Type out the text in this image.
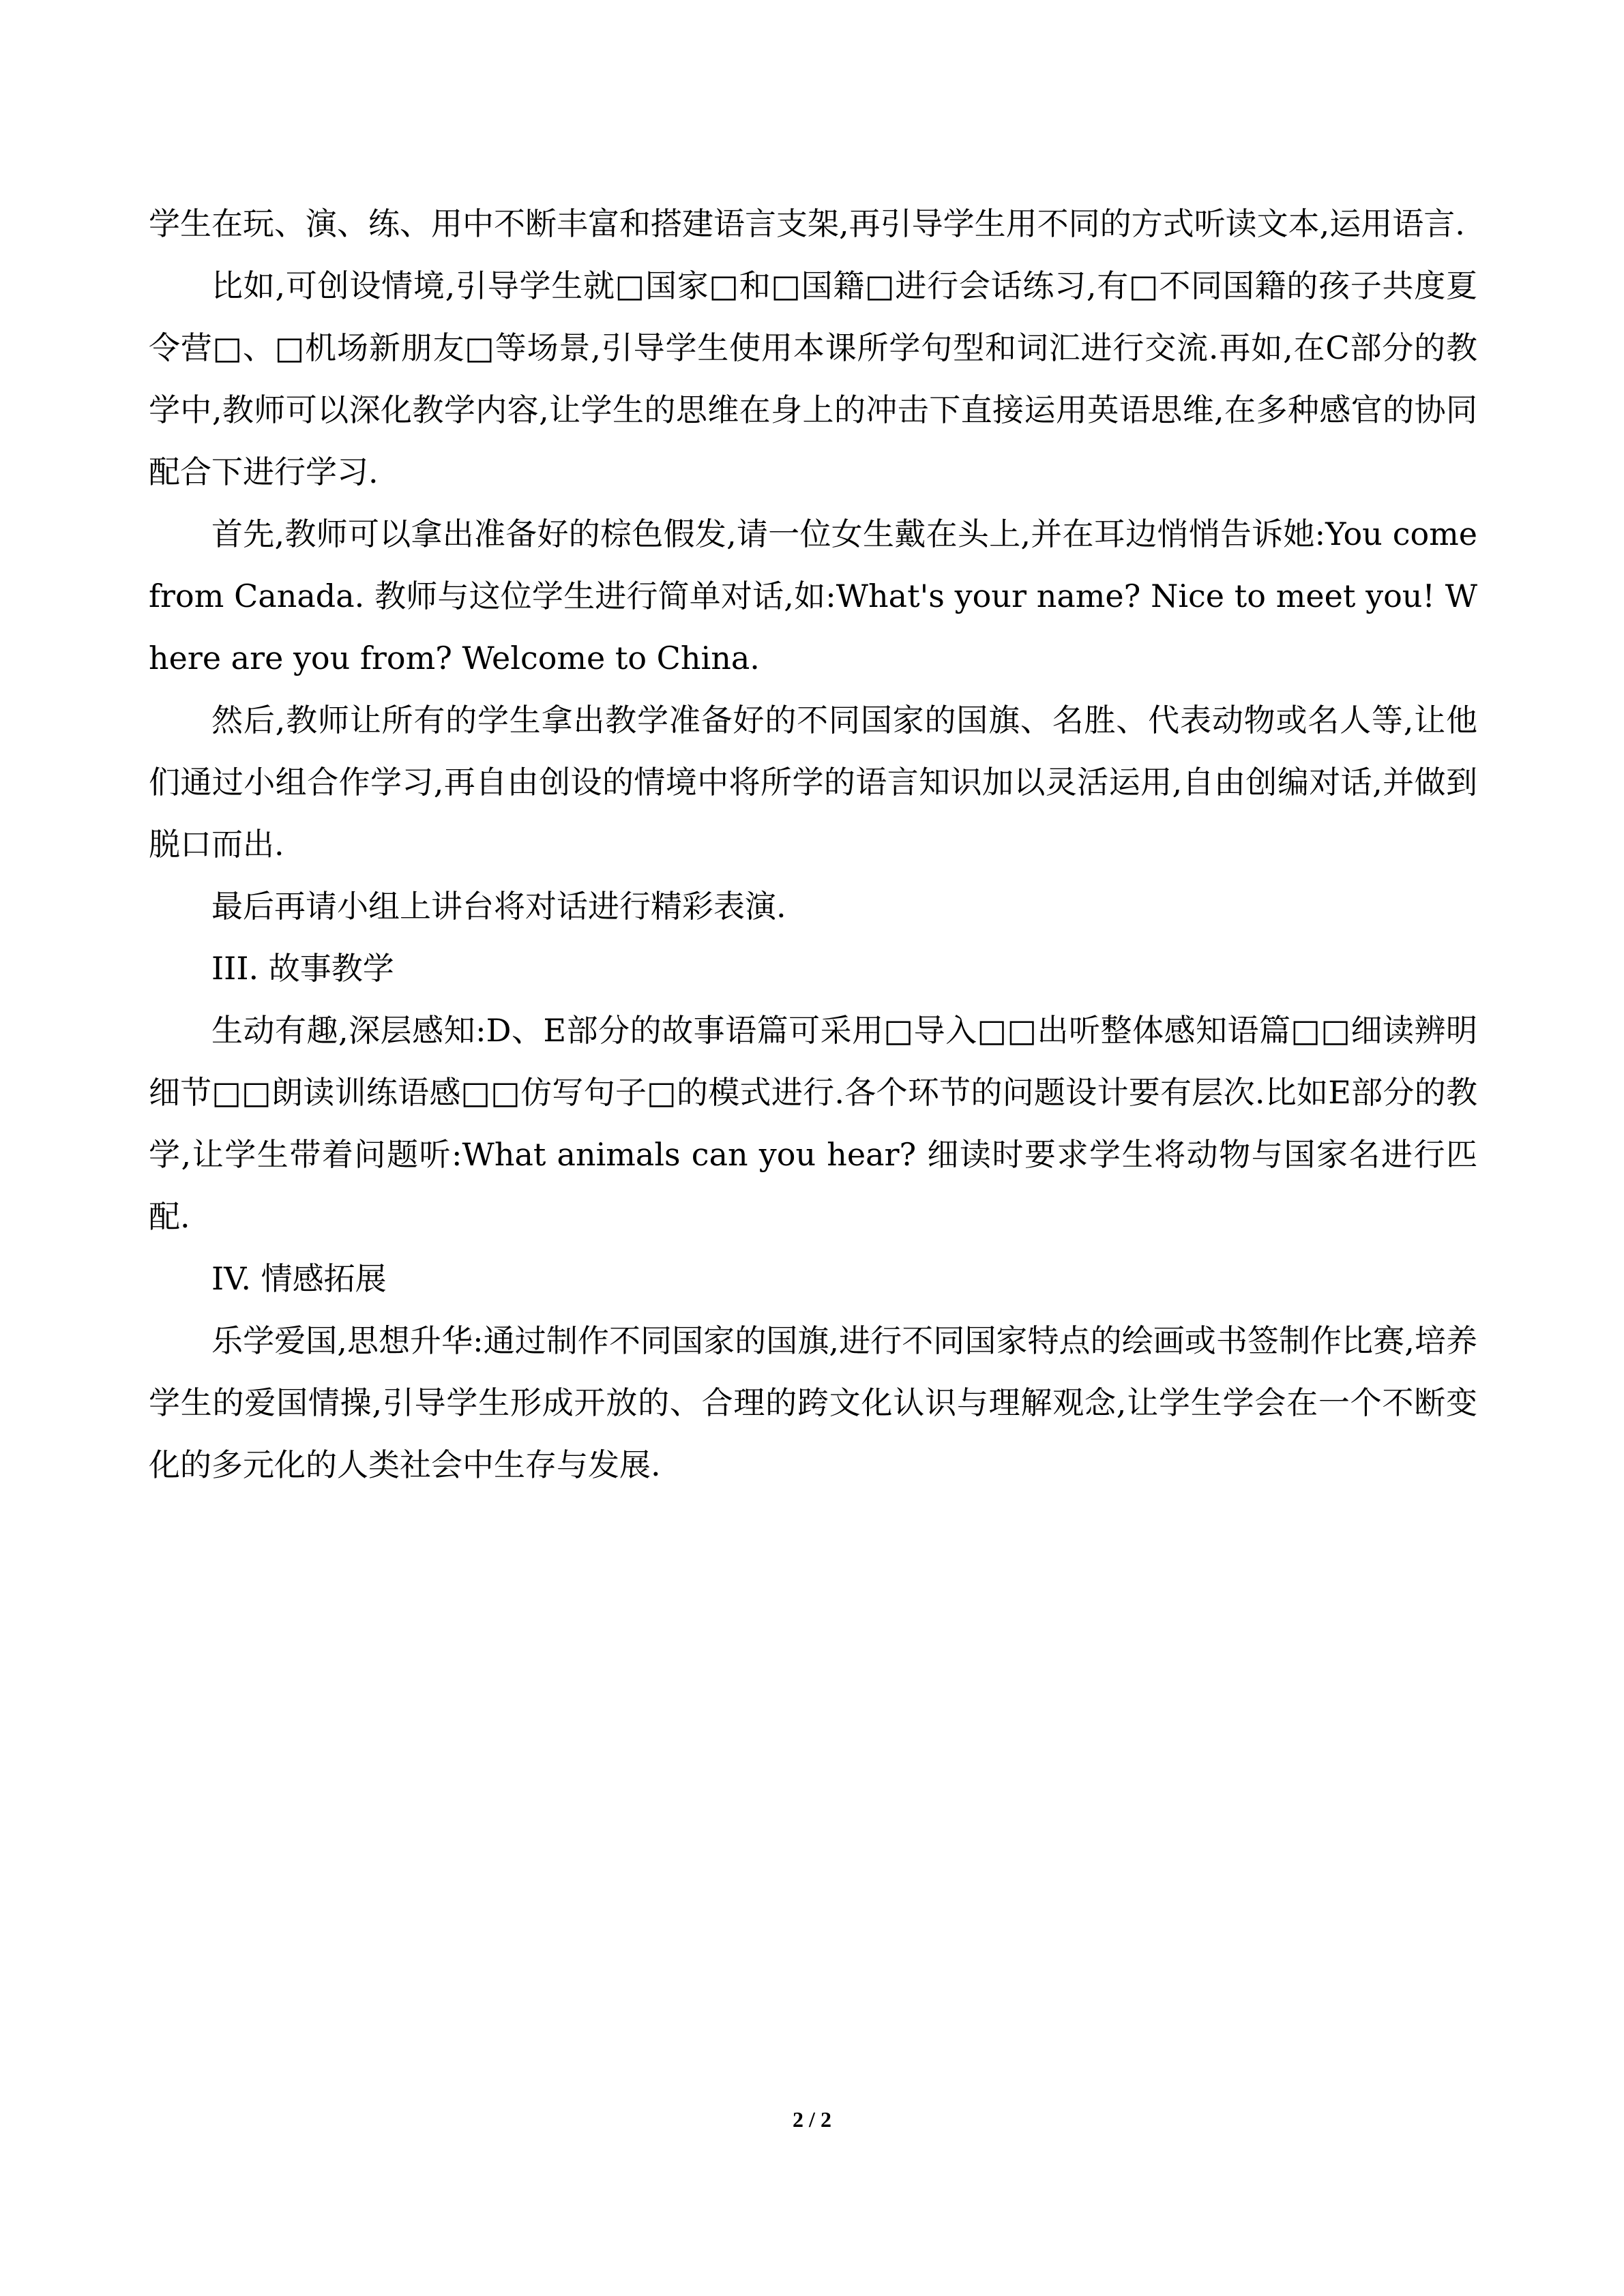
学生在玩、演、练、用中不断丰富和搭建语言支架,再引导学生用不同的方式听读文本,运用语言.

比如,可创设情境,引导学生就□国家□和□国籍□进行会话练习,有□不同国籍的孩子共度夏令营□、□机场新朋友□等场景,引导学生使用本课所学句型和词汇进行交流.再如,在C部分的教学中,教师可以深化教学内容,让学生的思维在身上的冲击下直接运用英语思维,在多种感官的协同配合下进行学习.

首先,教师可以拿出准备好的棕色假发,请一位女生戴在头上,并在耳边悄悄告诉她:You come from Canada. 教师与这位学生进行简单对话,如:What's your name? Nice to meet you! Where are you from? Welcome to China.

然后,教师让所有的学生拿出教学准备好的不同国家的国旗、名胜、代表动物或名人等,让他们通过小组合作学习,再自由创设的情境中将所学的语言知识加以灵活运用,自由创编对话,并做到脱口而出.

最后再请小组上讲台将对话进行精彩表演.

III. 故事教学

生动有趣,深层感知:D、E部分的故事语篇可采用□导入□□出听整体感知语篇□□细读辨明细节□□朗读训练语感□□仿写句子□的模式进行.各个环节的问题设计要有层次.比如E部分的教学,让学生带着问题听:What animals can you hear? 细读时要求学生将动物与国家名进行匹配.

IV. 情感拓展

乐学爱国,思想升华:通过制作不同国家的国旗,进行不同国家特点的绘画或书签制作比赛,培养学生的爱国情操,引导学生形成开放的、合理的跨文化认识与理解观念,让学生学会在一个不断变化的多元化的人类社会中生存与发展.

2 / 2
